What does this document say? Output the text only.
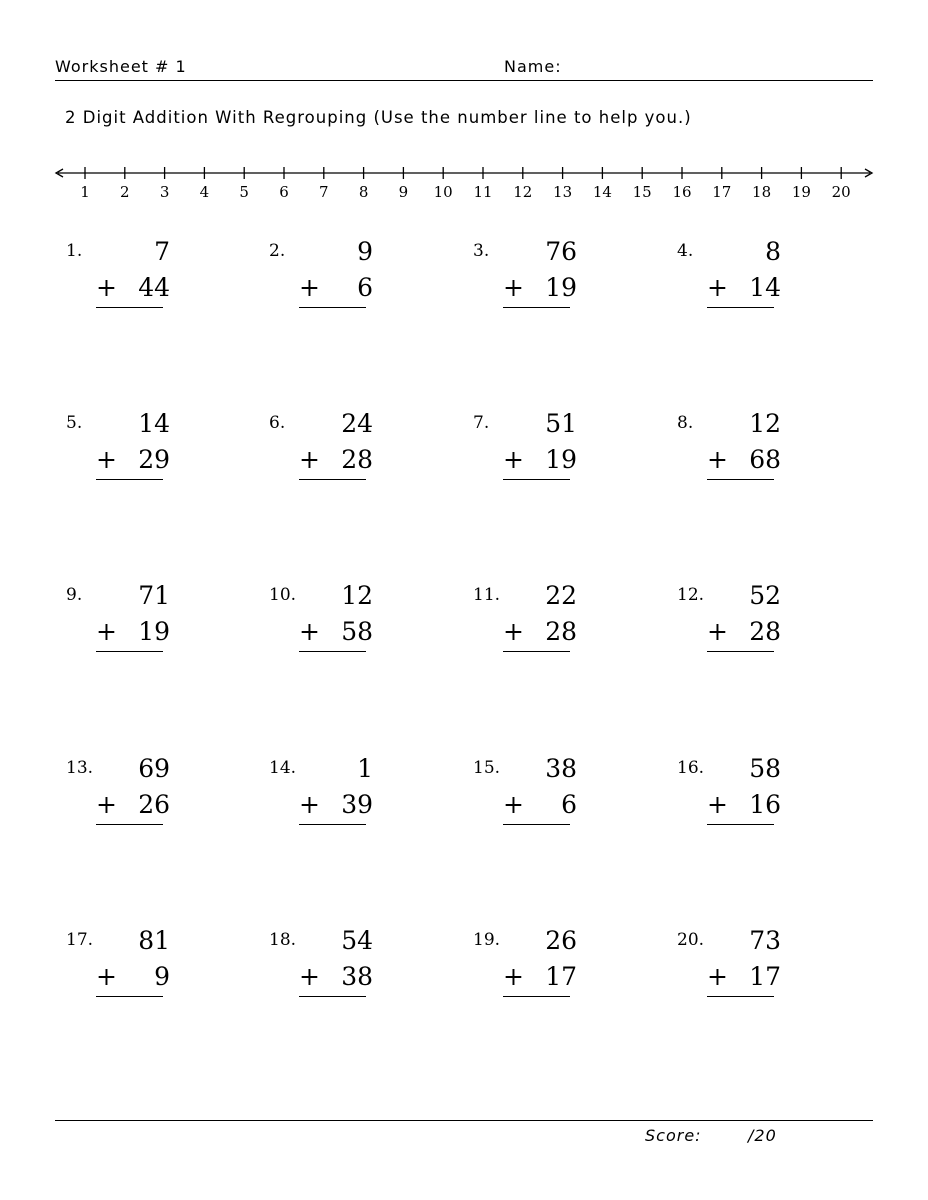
Worksheet # 1	Name:
2 Digit Addition With Regrouping (Use the number line to help you.)
1 2 3 4 5 6 7 8 9 10 11 12 13 14 15 16 17 18 19 20
1.	7
+ 44
2.	9
+ 6
3. 76
+ 19
4.	8
+ 14
5. 14
+ 29
6. 24
+ 28
7. 51
+ 19
8. 12
+ 68
9. 71
+ 19
10. 12
+ 58
11. 22
+ 28
12. 52
+ 28
13. 69
+ 26
14. 1
+ 39
15. 38
+ 6
16. 58
+ 16
17. 81
+ 9
18. 54
+ 38
19. 26
+ 17
20. 73
+ 17
Score:	/20
